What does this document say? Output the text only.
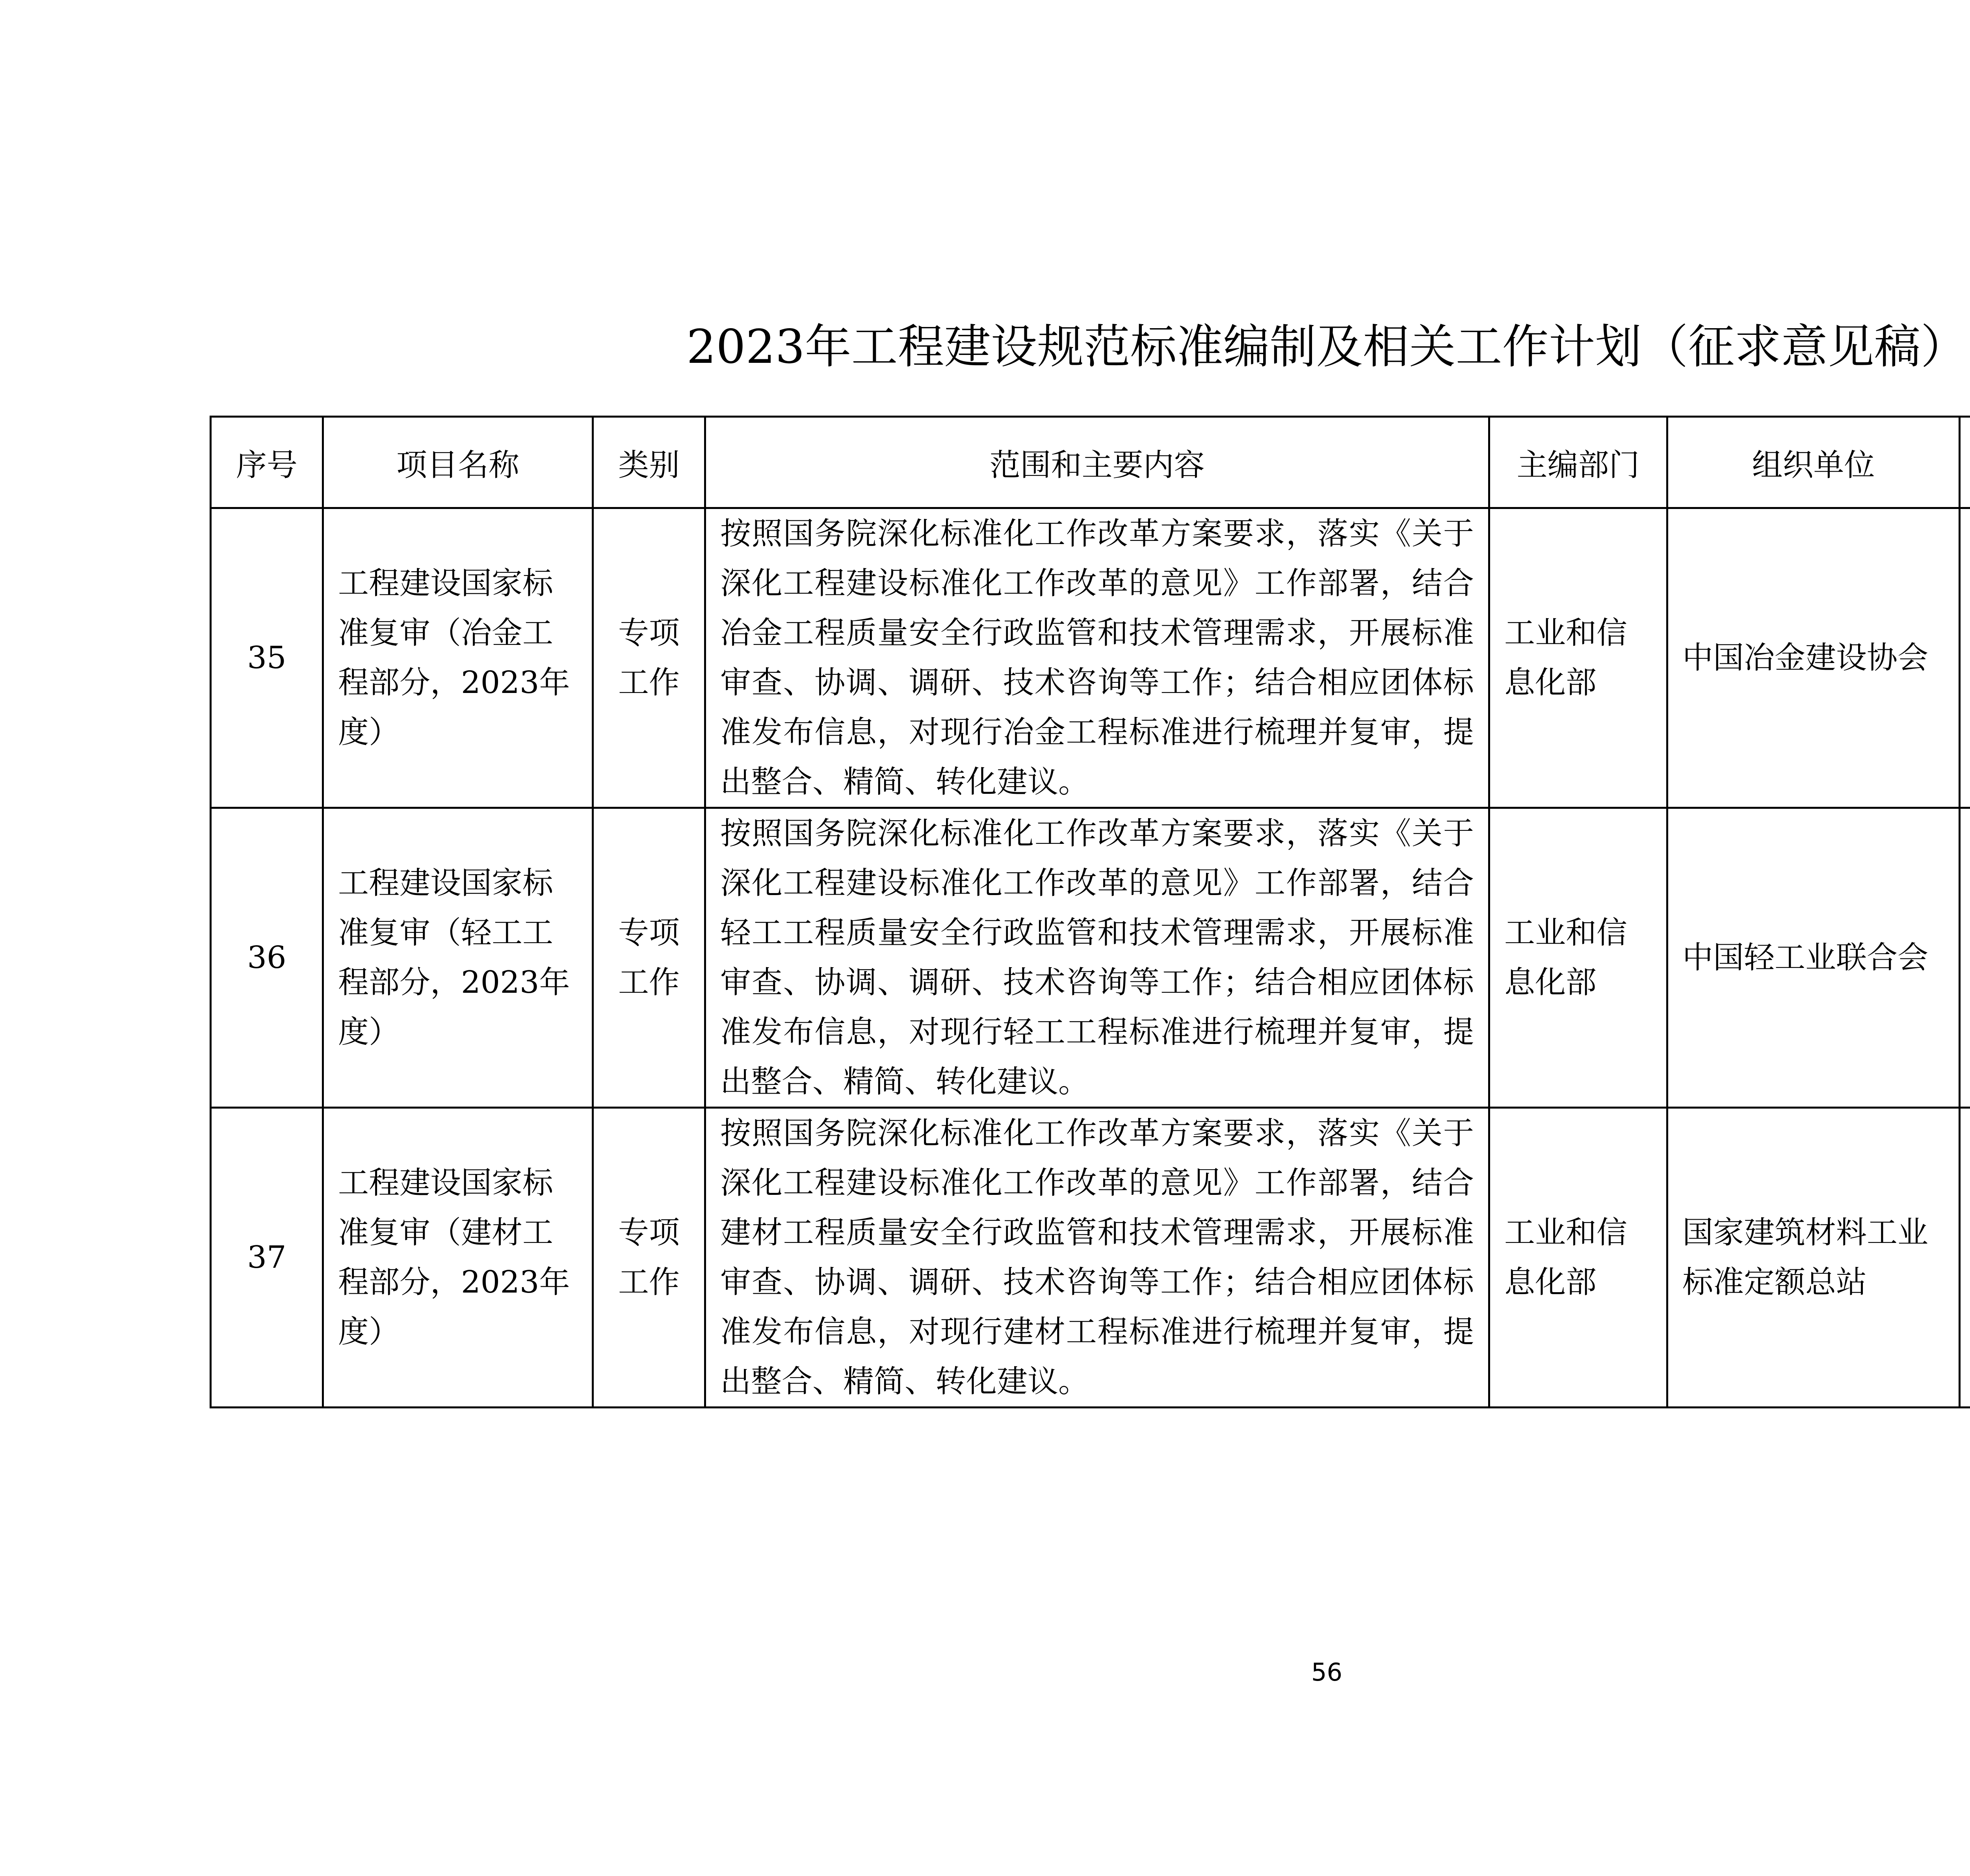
2023年工程建设规范标准编制及相关工作计划（征求意见稿）
序号	项目名称	类别	范围和主要内容	主编部门	组织单位		
35	工程建设国家标准复审（冶金工程部分，2023年度）	专项工作	按照国务院深化标准化工作改革方案要求，落实《关于深化工程建设标准化工作改革的意见》工作部署，结合冶金工程质量安全行政监管和技术管理需求，开展标准审查、协调、调研、技术咨询等工作；结合相应团体标准发布信息，对现行冶金工程标准进行梳理并复审，提出整合、精简、转化建议。	工业和信息化部	中国冶金建设协会		
36	工程建设国家标准复审（轻工工程部分，2023年度）	专项工作	按照国务院深化标准化工作改革方案要求，落实《关于深化工程建设标准化工作改革的意见》工作部署，结合轻工工程质量安全行政监管和技术管理需求，开展标准审查、协调、调研、技术咨询等工作；结合相应团体标准发布信息，对现行轻工工程标准进行梳理并复审，提出整合、精简、转化建议。	工业和信息化部	中国轻工业联合会		
37	工程建设国家标准复审（建材工程部分，2023年度）	专项工作	按照国务院深化标准化工作改革方案要求，落实《关于深化工程建设标准化工作改革的意见》工作部署，结合建材工程质量安全行政监管和技术管理需求，开展标准审查、协调、调研、技术咨询等工作；结合相应团体标准发布信息，对现行建材工程标准进行梳理并复审，提出整合、精简、转化建议。	工业和信息化部	国家建筑材料工业标准定额总站		
56
